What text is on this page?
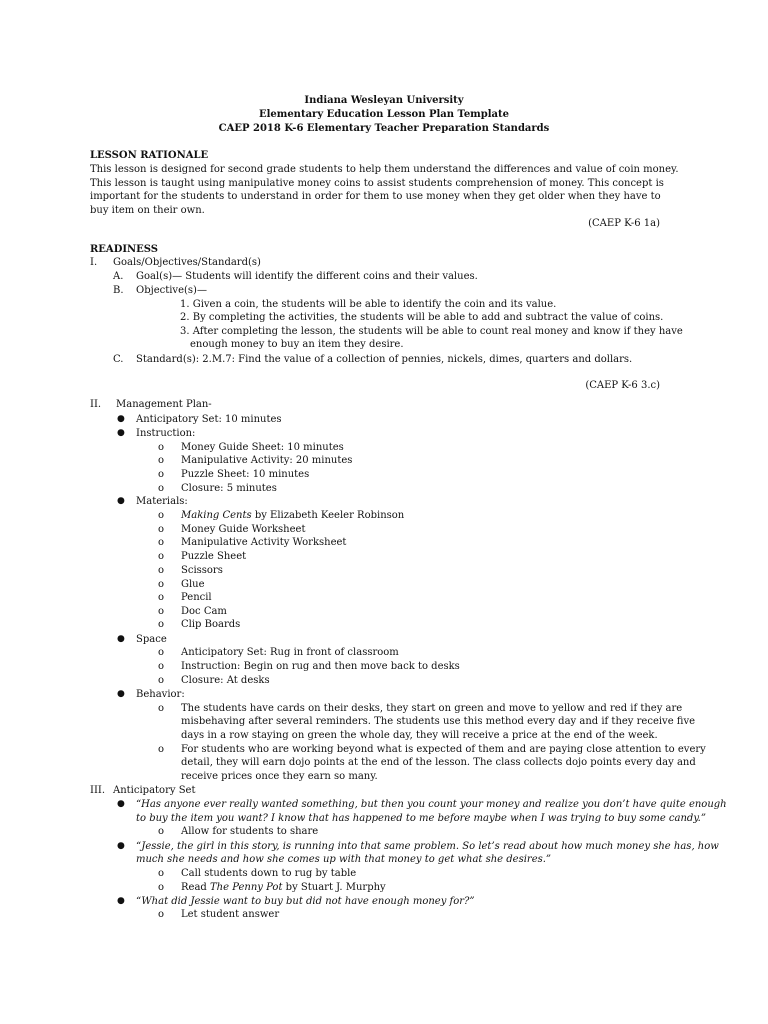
Indiana Wesleyan University
Elementary Education Lesson Plan Template
CAEP 2018 K-6 Elementary Teacher Preparation Standards
LESSON RATIONALE
This lesson is designed for second grade students to help them understand the differences and value of coin money. This lesson is taught using manipulative money coins to assist students comprehension of money. This concept is important for the students to understand in order for them to use money when they get older when they have to buy item on their own.
(CAEP K-6 1a)
READINESS
I. Goals/Objectives/Standard(s)
A. Goal(s)— Students will identify the different coins and their values.
B. Objective(s)—
1. Given a coin, the students will be able to identify the coin and its value.
2. By completing the activities, the students will be able to add and subtract the value of coins.
3. After completing the lesson, the students will be able to count real money and know if they have
enough money to buy an item they desire.
C. Standard(s): 2.M.7: Find the value of a collection of pennies, nickels, dimes, quarters and dollars.
(CAEP K-6 3.c)
II. Management Plan-
● Anticipatory Set: 10 minutes
● Instruction:
o Money Guide Sheet: 10 minutes
o Manipulative Activity: 20 minutes
o Puzzle Sheet: 10 minutes
o Closure: 5 minutes
● Materials:
o Making Cents by Elizabeth Keeler Robinson
o Money Guide Worksheet
o Manipulative Activity Worksheet
o Puzzle Sheet
o Scissors
o Glue
o Pencil
o Doc Cam
o Clip Boards
● Space
o Anticipatory Set: Rug in front of classroom
o Instruction: Begin on rug and then move back to desks
o Closure: At desks
● Behavior:
o The students have cards on their desks, they start on green and move to yellow and red if they are
misbehaving after several reminders. The students use this method every day and if they receive five
days in a row staying on green the whole day, they will receive a price at the end of the week.
o For students who are working beyond what is expected of them and are paying close attention to every
detail, they will earn dojo points at the end of the lesson. The class collects dojo points every day and
receive prices once they earn so many.
III. Anticipatory Set
● “Has anyone ever really wanted something, but then you count your money and realize you don’t have quite enough
to buy the item you want? I know that has happened to me before maybe when I was trying to buy some candy.”
o Allow for students to share
● “Jessie, the girl in this story, is running into that same problem. So let’s read about how much money she has, how
much she needs and how she comes up with that money to get what she desires.”
o Call students down to rug by table
o Read The Penny Pot by Stuart J. Murphy
● “What did Jessie want to buy but did not have enough money for?”
o Let student answer
